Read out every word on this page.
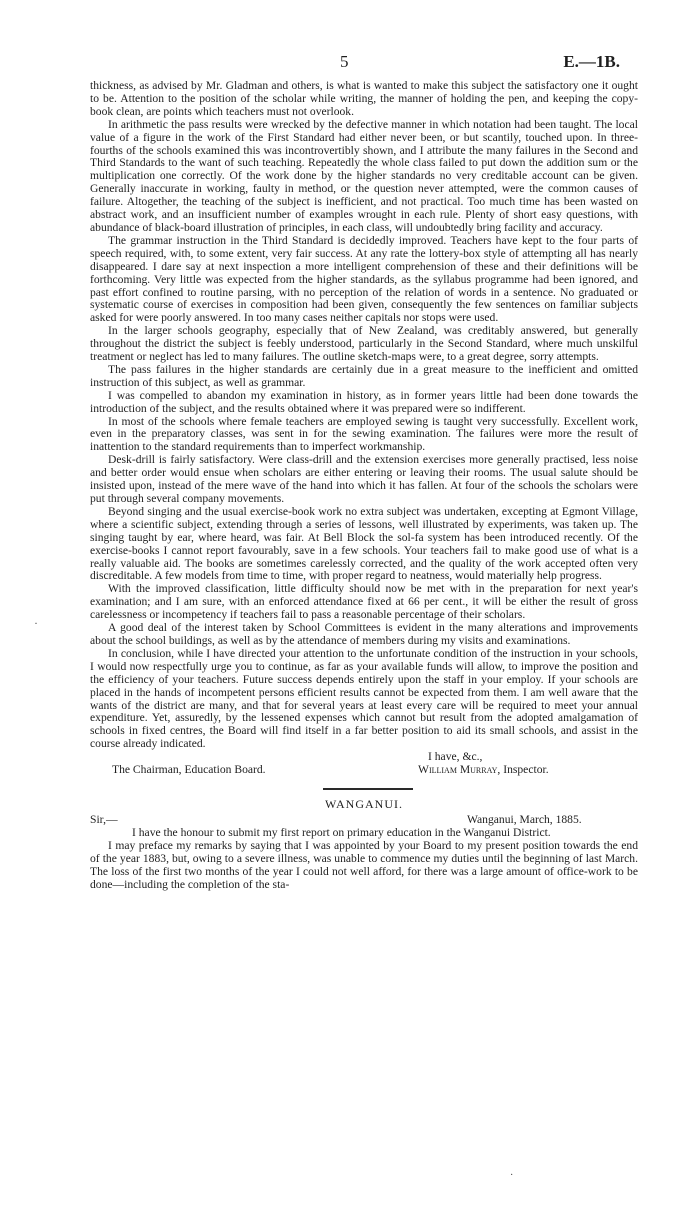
5	E.—1B.
·

thickness, as advised by Mr. Gladman and others, is what is wanted to make this subject the satisfactory one it ought to be. Attention to the position of the scholar while writing, the manner of holding the pen, and keeping the copy-book clean, are points which teachers must not overlook.

In arithmetic the pass results were wrecked by the defective manner in which notation had been taught. The local value of a figure in the work of the First Standard had either never been, or but scantily, touched upon. In three-fourths of the schools examined this was incontrovertibly shown, and I attribute the many failures in the Second and Third Standards to the want of such teaching. Repeatedly the whole class failed to put down the addition sum or the multiplication one correctly. Of the work done by the higher standards no very creditable account can be given. Generally inaccurate in working, faulty in method, or the question never attempted, were the common causes of failure. Altogether, the teaching of the subject is inefficient, and not practical. Too much time has been wasted on abstract work, and an insufficient number of examples wrought in each rule. Plenty of short easy questions, with abundance of black-board illustration of principles, in each class, will undoubtedly bring facility and accuracy.

The grammar instruction in the Third Standard is decidedly improved. Teachers have kept to the four parts of speech required, with, to some extent, very fair success. At any rate the lottery-box style of attempting all has nearly disappeared. I dare say at next inspection a more intelligent comprehension of these and their definitions will be forthcoming. Very little was expected from the higher standards, as the syllabus programme had been ignored, and past effort confined to routine parsing, with no perception of the relation of words in a sentence. No graduated or systematic course of exercises in composition had been given, consequently the few sentences on familiar subjects asked for were poorly answered. In too many cases neither capitals nor stops were used.

In the larger schools geography, especially that of New Zealand, was creditably answered, but generally throughout the district the subject is feebly understood, particularly in the Second Standard, where much unskilful treatment or neglect has led to many failures. The outline sketch-maps were, to a great degree, sorry attempts.

The pass failures in the higher standards are certainly due in a great measure to the inefficient and omitted instruction of this subject, as well as grammar.

I was compelled to abandon my examination in history, as in former years little had been done towards the introduction of the subject, and the results obtained where it was prepared were so indifferent.

In most of the schools where female teachers are employed sewing is taught very successfully. Excellent work, even in the preparatory classes, was sent in for the sewing examination. The failures were more the result of inattention to the standard requirements than to imperfect workmanship.

Desk-drill is fairly satisfactory. Were class-drill and the extension exercises more generally practised, less noise and better order would ensue when scholars are either entering or leaving their rooms. The usual salute should be insisted upon, instead of the mere wave of the hand into which it has fallen. At four of the schools the scholars were put through several company movements.

Beyond singing and the usual exercise-book work no extra subject was undertaken, excepting at Egmont Village, where a scientific subject, extending through a series of lessons, well illustrated by experiments, was taken up. The singing taught by ear, where heard, was fair. At Bell Block the sol-fa system has been introduced recently. Of the exercise-books I cannot report favourably, save in a few schools. Your teachers fail to make good use of what is a really valuable aid. The books are sometimes carelessly corrected, and the quality of the work accepted often very discreditable. A few models from time to time, with proper regard to neatness, would materially help progress.

With the improved classification, little difficulty should now be met with in the preparation for next year's examination; and I am sure, with an enforced attendance fixed at 66 per cent., it will be either the result of gross carelessness or incompetency if teachers fail to pass a reasonable percentage of their scholars.

A good deal of the interest taken by School Committees is evident in the many alterations and improvements about the school buildings, as well as by the attendance of members during my visits and examinations.

In conclusion, while I have directed your attention to the unfortunate condition of the instruction in your schools, I would now respectfully urge you to continue, as far as your available funds will allow, to improve the position and the efficiency of your teachers. Future success depends entirely upon the staff in your employ. If your schools are placed in the hands of incompetent persons efficient results cannot be expected from them. I am well aware that the wants of the district are many, and that for several years at least every care will be required to meet your annual expenditure. Yet, assuredly, by the lessened expenses which cannot but result from the adopted amalgamation of schools in fixed centres, the Board will find itself in a far better position to aid its small schools, and assist in the course already indicated.

I have, &c.,
The Chairman, Education Board.	William Murray, Inspector.
WANGANUI.
Sir,—	Wanganui, March, 1885.

I have the honour to submit my first report on primary education in the Wanganui District.

I may preface my remarks by saying that I was appointed by your Board to my present position towards the end of the year 1883, but, owing to a severe illness, was unable to commence my duties until the beginning of last March. The loss of the first two months of the year I could not well afford, for there was a large amount of office-work to be done—including the completion of the sta-

·
